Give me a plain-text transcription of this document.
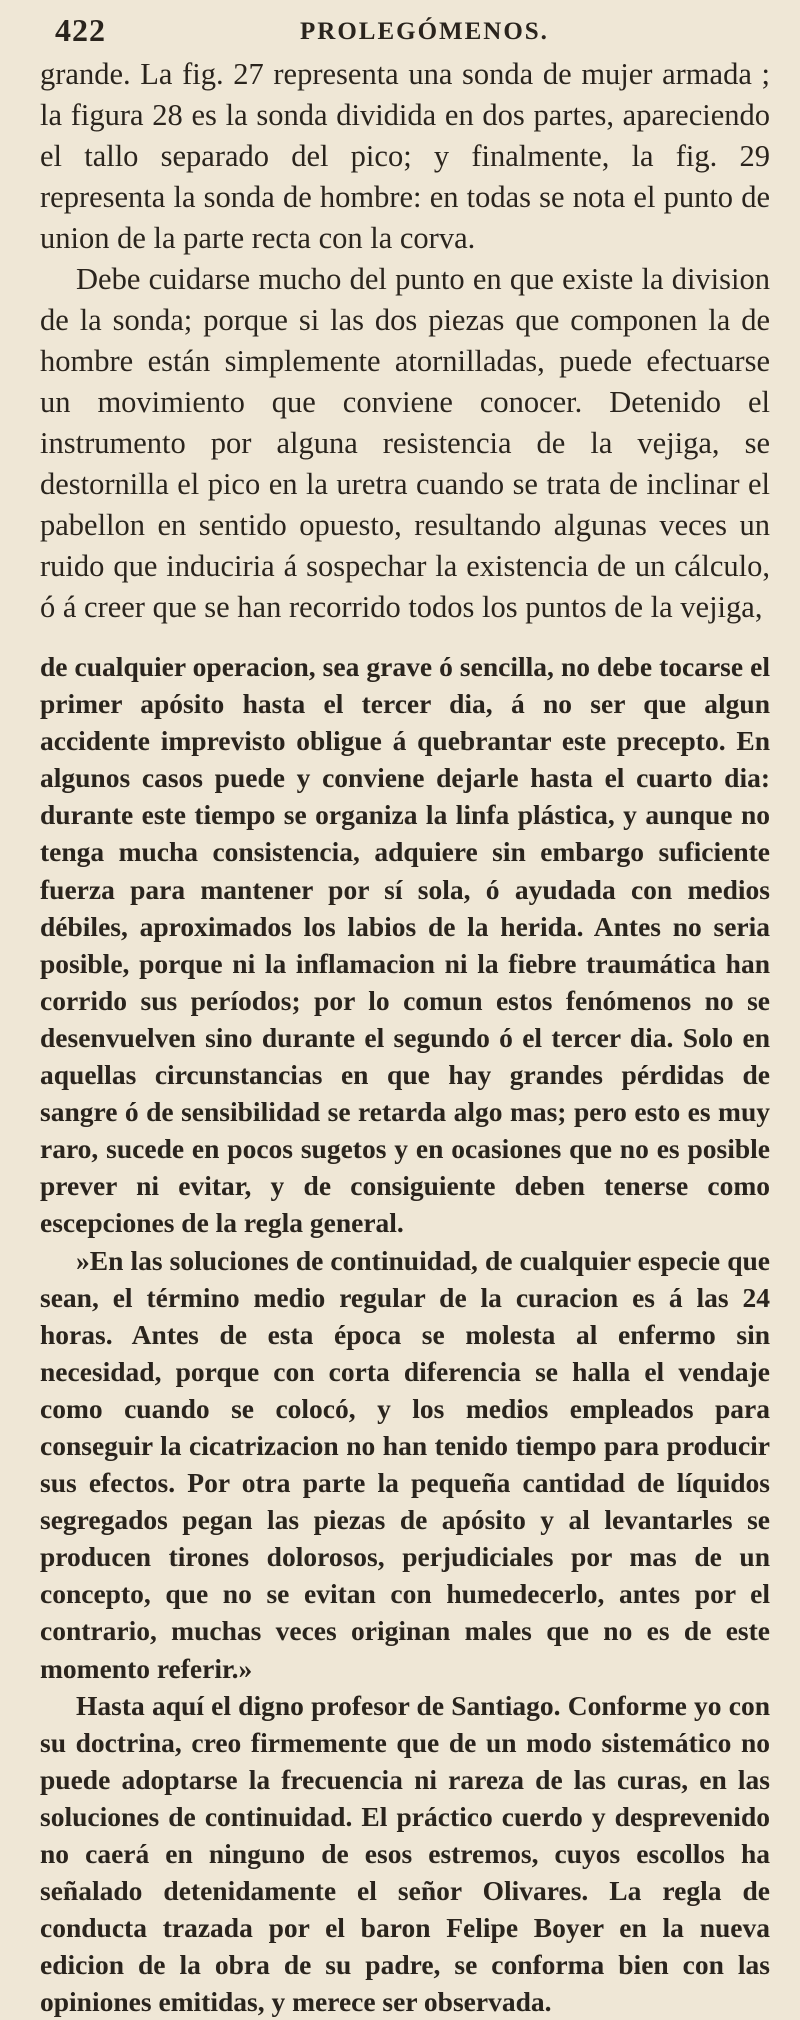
422	PROLEGÓMENOS.

grande. La fig. 27 representa una sonda de mujer armada ; la figura 28 es la sonda dividida en dos partes, apareciendo el tallo separado del pico; y finalmente, la fig. 29 representa la sonda de hombre: en todas se nota el punto de union de la parte recta con la corva.

Debe cuidarse mucho del punto en que existe la division de la sonda; porque si las dos piezas que componen la de hombre están simplemente atornilladas, puede efectuarse un movimiento que conviene conocer. Detenido el instrumento por alguna resistencia de la vejiga, se destornilla el pico en la uretra cuando se trata de inclinar el pabellon en sentido opuesto, resultando algunas veces un ruido que induciria á sospechar la existencia de un cálculo, ó á creer que se han recorrido todos los puntos de la vejiga,

de cualquier operacion, sea grave ó sencilla, no debe tocarse el primer apósito hasta el tercer dia, á no ser que algun accidente imprevisto obligue á quebrantar este precepto. En algunos casos puede y conviene dejarle hasta el cuarto dia: durante este tiempo se organiza la linfa plástica, y aunque no tenga mucha consistencia, adquiere sin embargo suficiente fuerza para mantener por sí sola, ó ayudada con medios débiles, aproximados los labios de la herida. Antes no seria posible, porque ni la inflamacion ni la fiebre traumática han corrido sus períodos; por lo comun estos fenómenos no se desenvuelven sino durante el segundo ó el tercer dia. Solo en aquellas circunstancias en que hay grandes pérdidas de sangre ó de sensibilidad se retarda algo mas; pero esto es muy raro, sucede en pocos sugetos y en ocasiones que no es posible prever ni evitar, y de consiguiente deben tenerse como escepciones de la regla general.

»En las soluciones de continuidad, de cualquier especie que sean, el término medio regular de la curacion es á las 24 horas. Antes de esta época se molesta al enfermo sin necesidad, porque con corta diferencia se halla el vendaje como cuando se colocó, y los medios empleados para conseguir la cicatrizacion no han tenido tiempo para producir sus efectos. Por otra parte la pequeña cantidad de líquidos segregados pegan las piezas de apósito y al levantarles se producen tirones dolorosos, perjudiciales por mas de un concepto, que no se evitan con humedecerlo, antes por el contrario, muchas veces originan males que no es de este momento referir.»

Hasta aquí el digno profesor de Santiago. Conforme yo con su doctrina, creo firmemente que de un modo sistemático no puede adoptarse la frecuencia ni rareza de las curas, en las soluciones de continuidad. El práctico cuerdo y desprevenido no caerá en ninguno de esos estremos, cuyos escollos ha señalado detenidamente el señor Olivares. La regla de conducta trazada por el baron Felipe Boyer en la nueva edicion de la obra de su padre, se conforma bien con las opiniones emitidas, y merece ser observada.
